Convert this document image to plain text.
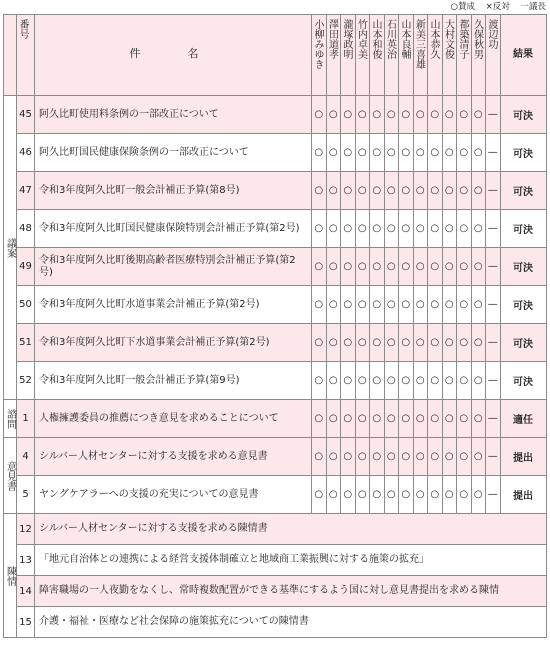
○賛成 ×反対 一議長

	番号	件　名	小柳みゆき	澤田道孝	瀧塚政明	竹内卓美	山本和俊	石川英治	山本良輔	新美三喜雄	山本恭久	大村文俊	都築清子	久保秋男	渡辺功	結果
議案	45	阿久比町使用料条例の一部改正について	○	○	○	○	○	○	○	○	○	○	○	○	—	可決
	46	阿久比町国民健康保険条例の一部改正について	○	○	○	○	○	○	○	○	○	○	○	○	—	可決
	47	令和3年度阿久比町一般会計補正予算(第8号)	○	○	○	○	○	○	○	○	○	○	○	○	—	可決
	48	令和3年度阿久比町国民健康保険特別会計補正予算(第2号)	○	○	○	○	○	○	○	○	○	○	○	○	—	可決
	49	令和3年度阿久比町後期高齢者医療特別会計補正予算(第2号)	○	○	○	○	○	○	○	○	○	○	○	○	—	可決
	50	令和3年度阿久比町水道事業会計補正予算(第2号)	○	○	○	○	○	○	○	○	○	○	○	○	—	可決
	51	令和3年度阿久比町下水道事業会計補正予算(第2号)	○	○	○	○	○	○	○	○	○	○	○	○	—	可決
	52	令和3年度阿久比町一般会計補正予算(第9号)	○	○	○	○	○	○	○	○	○	○	○	○	—	可決
諮問	1	人権擁護委員の推薦につき意見を求めることについて	○	○	○	○	○	○	○	○	○	○	○	○	—	適任
意見書	4	シルバー人材センターに対する支援を求める意見書	○	○	○	○	○	○	○	○	○	○	○	○	—	提出
	5	ヤングケアラーへの支援の充実についての意見書	○	○	○	○	○	○	○	○	○	○	○	○	—	提出
陳情	12	シルバー人材センターに対する支援を求める陳情書														
	13	「地元自治体との連携による経営支援体制確立と地域商工業振興に対する施策の拡充」														
	14	障害職場の一人夜勤をなくし、常時複数配置ができる基準にするよう国に対し意見書提出を求める陳情														
	15	介護・福祉・医療など社会保障の施策拡充についての陳情書														
